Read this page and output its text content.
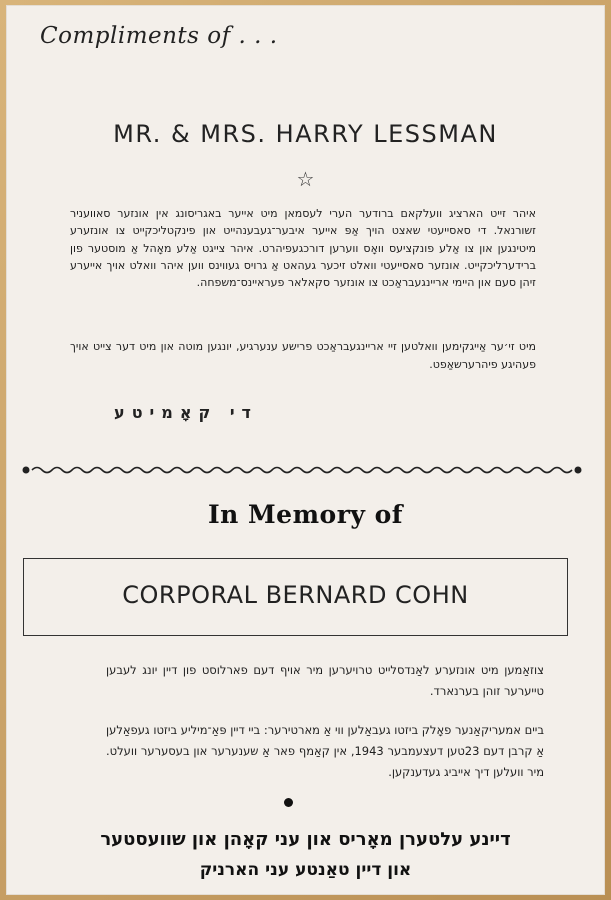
Compliments of . . .
MR. & MRS. HARRY LESSMAN
☆
איהר זייט הארציג וועלקאם ברודער הערי לעסמאן מיט אייער באגריסונג אין אונזער סאוועניר זשורנאל. די סאסייעטי שאצט הויך אַפּ אייער איבער־געבענהייט און פינקטליכקייט צו אונזערע מיטינגען און צו אַלע פונקציעס וואָס ווערען דורכגעפיהרט. איהר צייגט אַלע מאָהל אַ מוסטער פון ברידערליכקייט. אונזער סאסייעטי וואלט זיכער געהאט אַ גרויס געווינס ווען איהר וואלט אויך אייערע זיהן סעם און היימי אריינגעבראַכט צו אונזער סקאלאר פעראיינס־משפחה.
מיט זי׳ער אַייגקימען וואלטען זיי אריינגעבראַכט פרישע ענערגיע, יונגען מוטה און מיט דער צייט אויך פעהיגע פיהרערשאַפט.
די קאָמיטע
In Memory of
CORPORAL BERNARD COHN
צוזאַמען מיט אונזערע לאַנדסלייט טרויערען מיר אויף דעם פארלוסט פון דיין יונג לעבען טייערער זוהן בערנארד.
ביים אמעריקאַנער פאָלק ביזטו געבאַלען ווי אַ מארטירער: ביי דיין פּאַ־מיליע ביזטו געפאַלען אַ קרבן דעם 23טען דעצעמבער 1943, אין קאַמף פאר אַ שענערער און בעסערער וועלט. מיר וועלען דיך אייביג געדענקען.
דיינע עלטערן מאָריס און עני קאָהן און שוועסטער
און דיין טאַנטע עני הארניק
